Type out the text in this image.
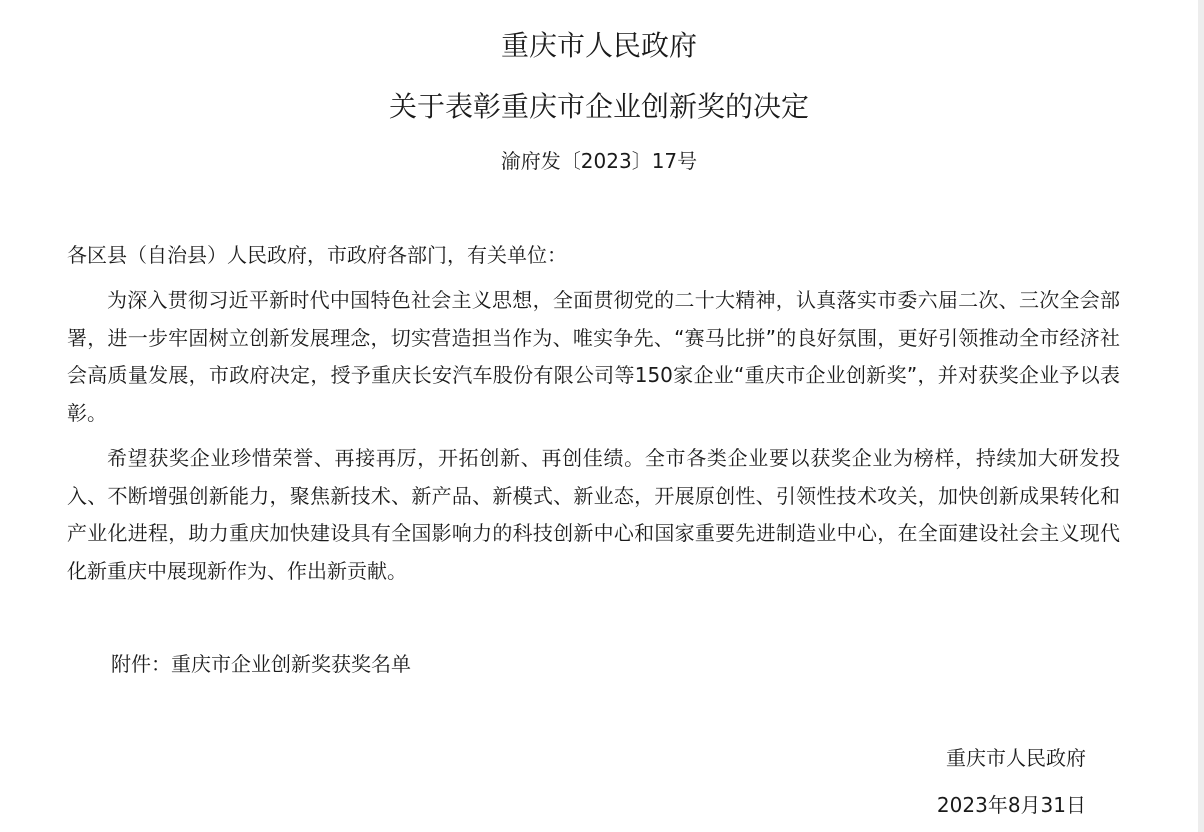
重庆市人民政府
关于表彰重庆市企业创新奖的决定
渝府发〔2023〕17号
各区县（自治县）人民政府，市政府各部门，有关单位：

为深入贯彻习近平新时代中国特色社会主义思想，全面贯彻党的二十大精神，认真落实市委六届二次、三次全会部署，进一步牢固树立创新发展理念，切实营造担当作为、唯实争先、“赛马比拼”的良好氛围，更好引领推动全市经济社会高质量发展，市政府决定，授予重庆长安汽车股份有限公司等150家企业“重庆市企业创新奖”，并对获奖企业予以表彰。

希望获奖企业珍惜荣誉、再接再厉，开拓创新、再创佳绩。全市各类企业要以获奖企业为榜样，持续加大研发投入、不断增强创新能力，聚焦新技术、新产品、新模式、新业态，开展原创性、引领性技术攻关，加快创新成果转化和产业化进程，助力重庆加快建设具有全国影响力的科技创新中心和国家重要先进制造业中心，在全面建设社会主义现代化新重庆中展现新作为、作出新贡献。

附件：重庆市企业创新奖获奖名单
重庆市人民政府
2023年8月31日
